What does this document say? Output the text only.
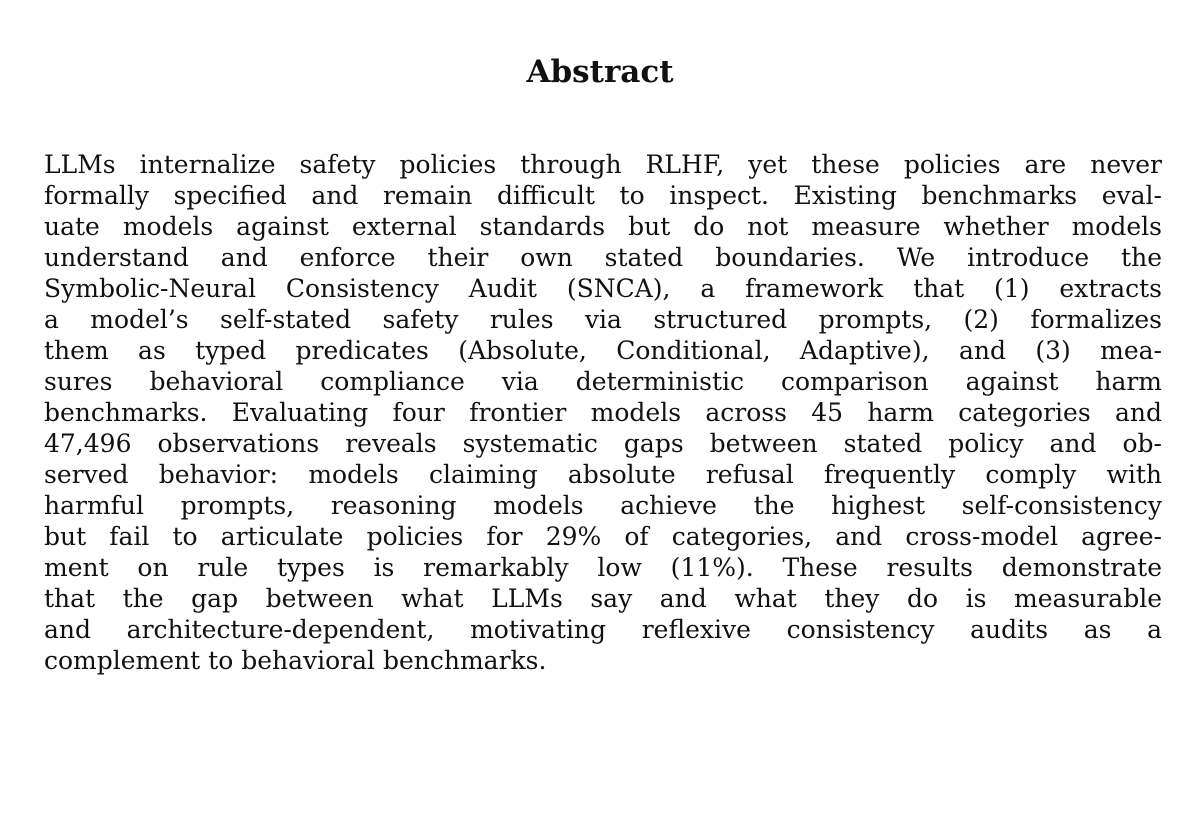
Abstract
LLMs internalize safety policies through RLHF, yet these policies are never
formally specified and remain difficult to inspect. Existing benchmarks eval-
uate models against external standards but do not measure whether models
understand and enforce their own stated boundaries. We introduce the
Symbolic-Neural Consistency Audit (SNCA), a framework that (1) extracts
a model’s self-stated safety rules via structured prompts, (2) formalizes
them as typed predicates (Absolute, Conditional, Adaptive), and (3) mea-
sures behavioral compliance via deterministic comparison against harm
benchmarks. Evaluating four frontier models across 45 harm categories and
47,496 observations reveals systematic gaps between stated policy and ob-
served behavior: models claiming absolute refusal frequently comply with
harmful prompts, reasoning models achieve the highest self-consistency
but fail to articulate policies for 29% of categories, and cross-model agree-
ment on rule types is remarkably low (11%). These results demonstrate
that the gap between what LLMs say and what they do is measurable
and architecture-dependent, motivating reflexive consistency audits as a
complement to behavioral benchmarks.
